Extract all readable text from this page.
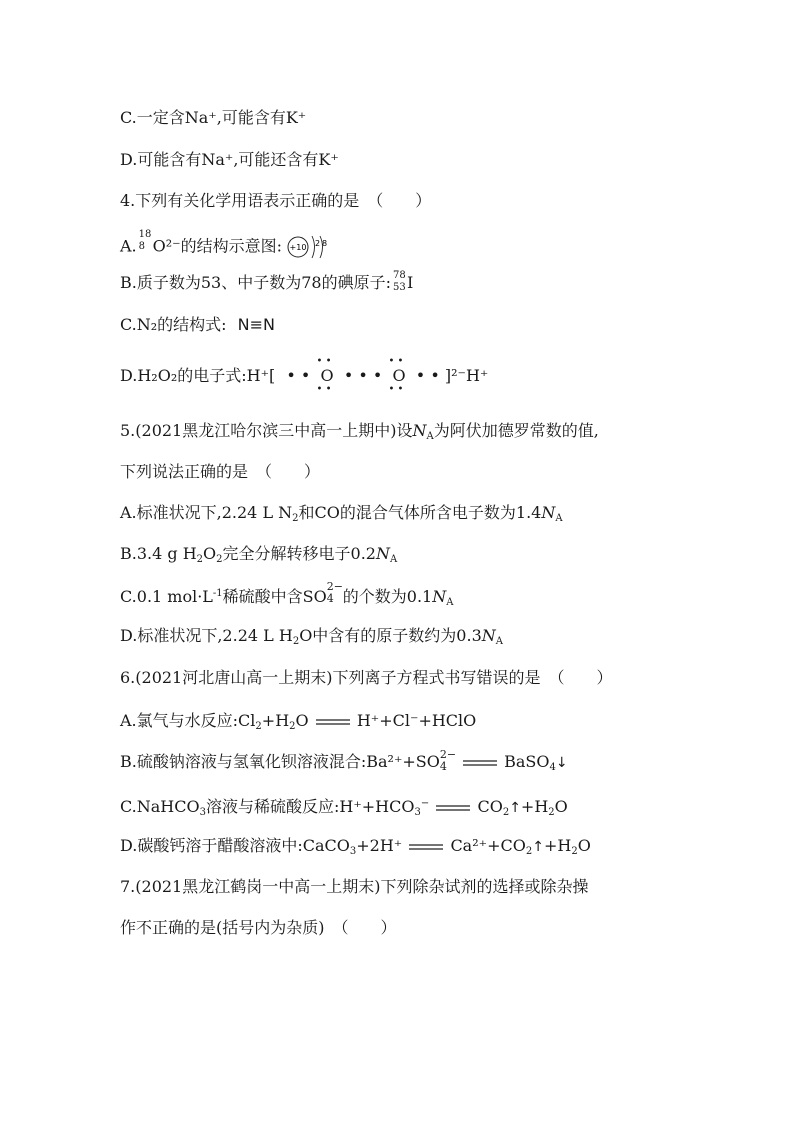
C.一定含Na⁺,可能含有K⁺
D.可能含有Na⁺,可能还含有K⁺
4.下列有关化学用语表示正确的是　（　　）
A.
18
8 O²⁻的结构示意图: +10 2 8
B.质子数为53、中子数为78的碘原子: 78
53 I
C.N₂的结构式: N≡N
D.H₂O₂的电子式:H⁺[ • •
• •
O
• •
• • •
• •
O
• •
• • ]²⁻H⁺
5.(2021黑龙江哈尔滨三中高一上期中)设$N_A$为阿伏加德罗常数的值,
下列说法正确的是　（　　）
A.标准状况下,2.24 L $N_2$和CO的混合气体所含电子数为$1.4N_A$
B.3.4 g $H_2O_2$完全分解转移电子$0.2N_A$
C.0.1 $mol\cdot L^{-1}$稀硫酸中含SO
2−
4 的个数为$0.1N_A$
D.标准状况下,2.24 L $H_2O$中含有的原子数约为$0.3N_A$
6.(2021河北唐山高一上期末)下列离子方程式书写错误的是　（　　）
A.氯气与水反应$:Cl_2+H_2O$	H⁺+Cl⁻+HClO
B.硫酸钠溶液与氢氧化钡溶液混合:Ba²⁺+SO 2−
4	BaSO$_4$↓
C.NaHCO$_3$溶液与稀硫酸反应$:H^++HCO_3^-$	$CO_2↑+H_2O$
D.碳酸钙溶于醋酸溶液中:CaCO$_3$+2H⁺	$Ca^{2+}+CO_2↑+H_2O$
7.(2021黑龙江鹤岗一中高一上期末)下列除杂试剂的选择或除杂操
作不正确的是(括号内为杂质)　（　　）
